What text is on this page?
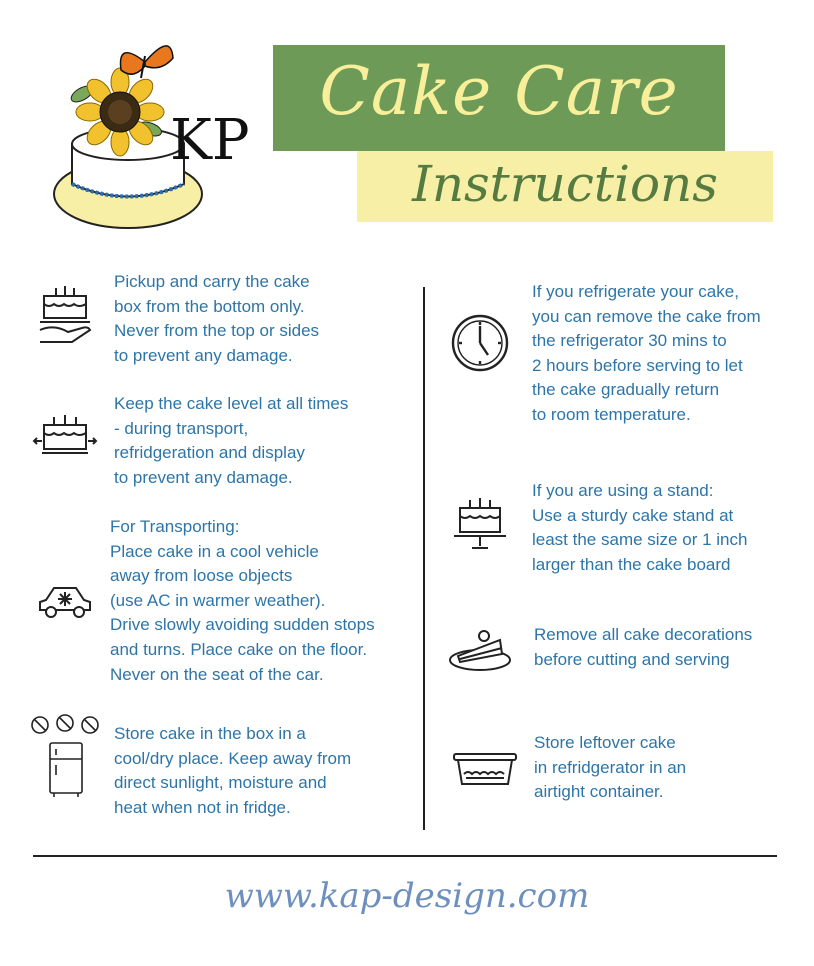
KP
Cake Care
Instructions
Pickup and carry the cake
box from the bottom only.
Never from the top or sides
to prevent any damage.
Keep the cake level at all times
- during transport,
refridgeration and display
to prevent any damage.
For Transporting:
Place cake in a cool vehicle
away from loose objects
(use AC in warmer weather).
Drive slowly avoiding sudden stops
and turns. Place cake on the floor.
Never on the seat of the car.
Store cake in the box in a
cool/dry place. Keep away from
direct sunlight, moisture and
heat when not in fridge.
If you refrigerate your cake,
you can remove the cake from
the refrigerator 30 mins to
2 hours before serving to let
the cake gradually return
to room temperature.
If you are using a stand:
Use a sturdy cake stand at
least the same size or 1 inch
larger than the cake board
Remove all cake decorations
before cutting and serving
Store leftover cake
in refridgerator in an
airtight container.
www.kap-design.com
